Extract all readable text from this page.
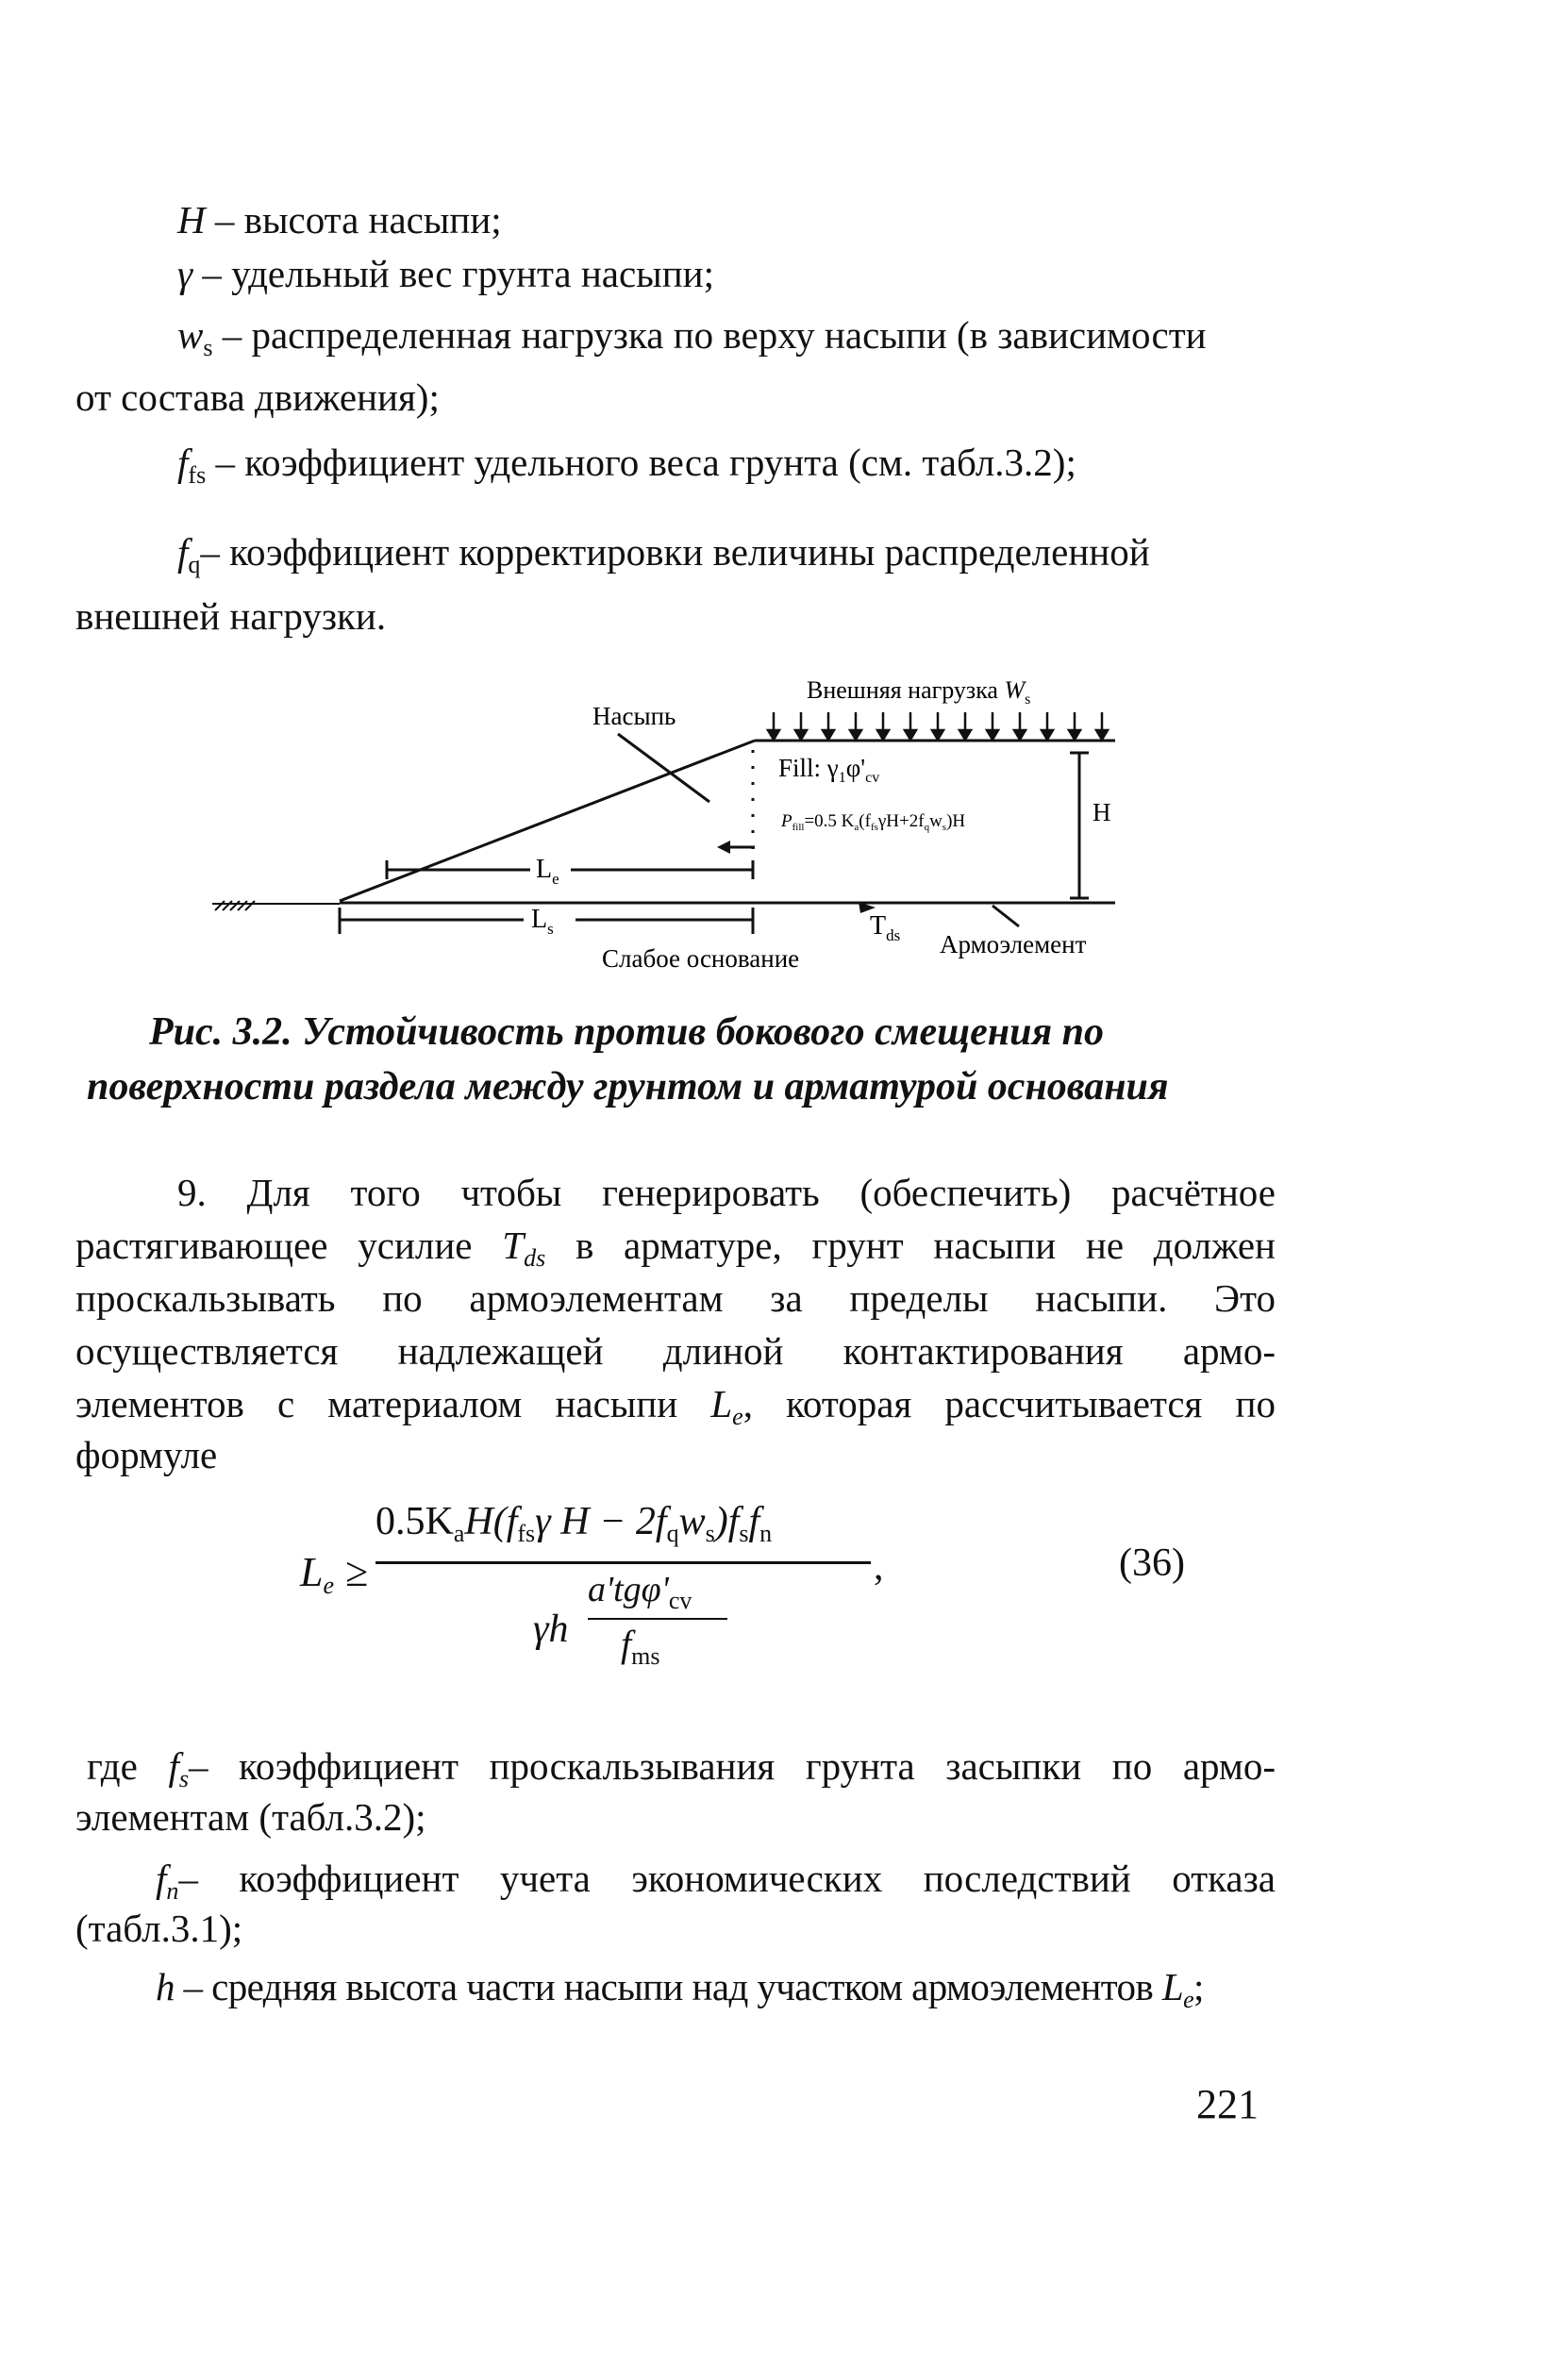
H – высота насыпи;
γ – удельный вес грунта насыпи;
$w_s$ – распределенная нагрузка по верху насыпи (в зависимости
от состава движения);
$f_{fs}$ – коэффициент удельного веса грунта (см. табл.3.2);
$f_q-$ коэффициент корректировки величины распределенной
внешней нагрузки.
Внешняя нагрузка $W_s$
Насыпь
Fill: $\gamma_1\varphi'_{cv}$
$P_{fill}=0.5$ $K_a(f_{fs}\gamma H+2f_qw_s)H$	H
$L_e$
$L_s$	$T_{ds}$ Армоэлемент
Слабое основание
Рис. 3.2. Устойчивость против бокового смещения по
поверхности раздела между грунтом и арматурой основания
9. Для того чтобы генерировать (обеспечить) расчётное
растягивающее усилие $T_{ds}$ в арматуре, грунт насыпи не должен
проскальзывать по армоэлементам за пределы насыпи. Это
осуществляется надлежащей длиной контактирования армо-
элементов с материалом насыпи $L_e$, которая рассчитывается по
формуле
$L_e$ ≥
$0.5K_aH(f_{fs}\gamma$ $H - 2f_qw_s)f_sf_n$
,
γh
$a'tg\varphi'_{cv}$
$f_{ms}$
(36)
где $f_s-$ коэффициент проскальзывания грунта засыпки по армо-
элементам (табл.3.2);
$f_n-$ коэффициент учета экономических последствий отказа
(табл.3.1);
h – средняя высота части насыпи над участком армоэлементов $L_e$;
221
